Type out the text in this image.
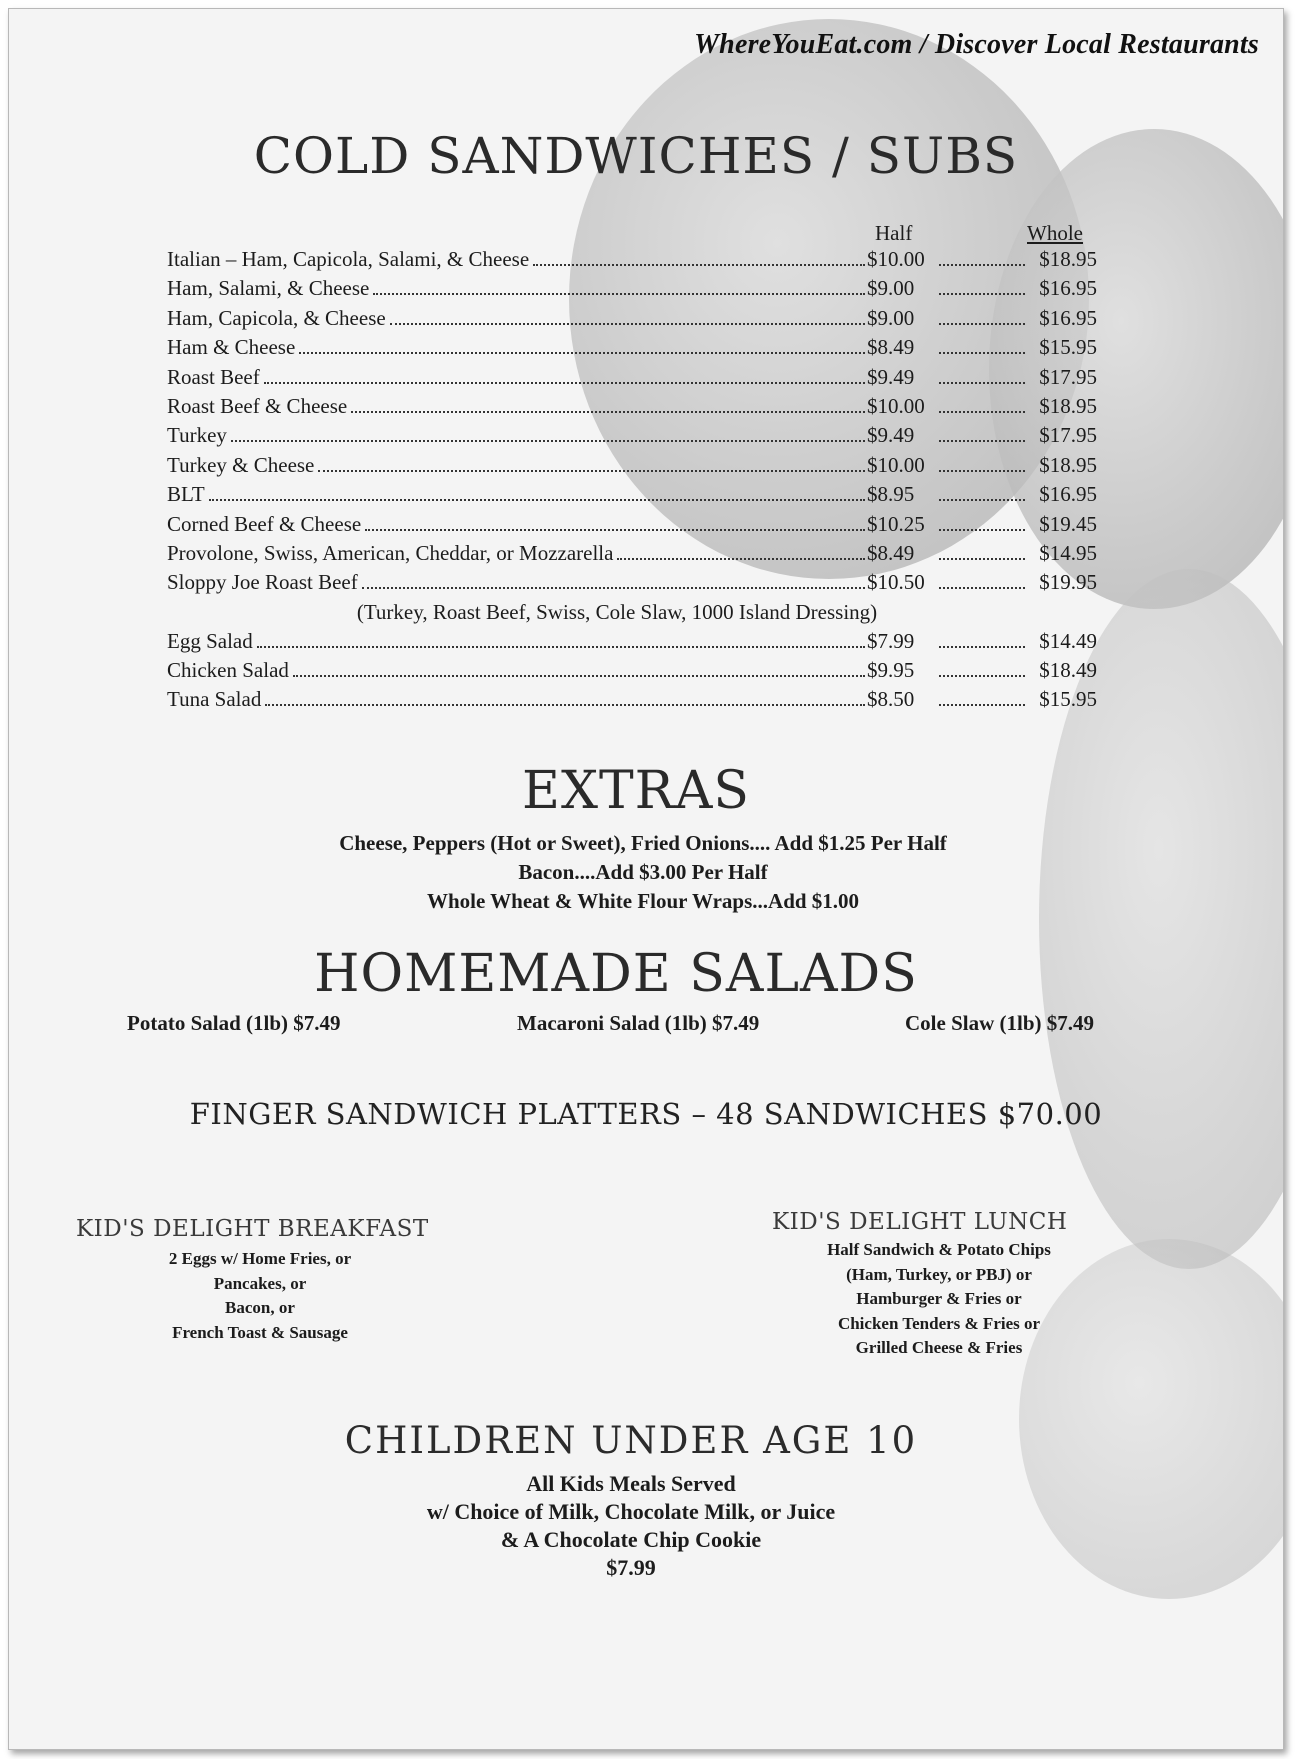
WhereYouEat.com / Discover Local Restaurants
COLD SANDWICHES / SUBS
Half	Whole
Italian – Ham, Capicola, Salami, & Cheese	$10.00	$18.95
Ham, Salami, & Cheese	$9.00	$16.95
Ham, Capicola, & Cheese	$9.00	$16.95
Ham & Cheese	$8.49	$15.95
Roast Beef	$9.49	$17.95
Roast Beef & Cheese	$10.00	$18.95
Turkey	$9.49	$17.95
Turkey & Cheese	$10.00	$18.95
BLT	$8.95	$16.95
Corned Beef & Cheese	$10.25	$19.45
Provolone, Swiss, American, Cheddar, or Mozzarella	$8.49	$14.95
Sloppy Joe Roast Beef	$10.50	$19.95
(Turkey, Roast Beef, Swiss, Cole Slaw, 1000 Island Dressing)
Egg Salad	$7.99	$14.49
Chicken Salad	$9.95	$18.49
Tuna Salad	$8.50	$15.95
EXTRAS
Cheese, Peppers (Hot or Sweet), Fried Onions.... Add $1.25 Per Half
Bacon....Add $3.00 Per Half
Whole Wheat & White Flour Wraps...Add $1.00
HOMEMADE SALADS
Potato Salad (1lb) $7.49	Macaroni Salad (1lb) $7.49	Cole Slaw (1lb) $7.49
FINGER SANDWICH PLATTERS – 48 SANDWICHES $70.00
KID'S DELIGHT BREAKFAST
2 Eggs w/ Home Fries, or
Pancakes, or
Bacon, or
French Toast & Sausage
KID'S DELIGHT LUNCH
Half Sandwich & Potato Chips
(Ham, Turkey, or PBJ) or
Hamburger & Fries or
Chicken Tenders & Fries or
Grilled Cheese & Fries
CHILDREN UNDER AGE 10
All Kids Meals Served
w/ Choice of Milk, Chocolate Milk, or Juice
& A Chocolate Chip Cookie
$7.99
